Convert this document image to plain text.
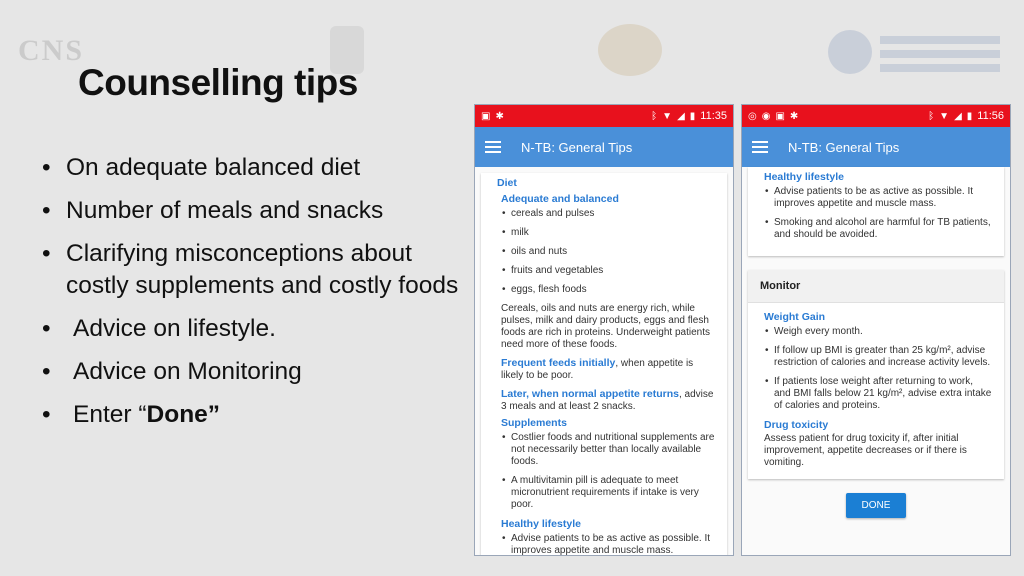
CNS
Counselling tips
• On adequate balanced diet
• Number of meals and snacks
• Clarifying misconceptions about costly supplements and costly foods
• Advice on lifestyle.
• Advice on Monitoring
• Enter “Done”
▣ ✱	ᛒ ▼ ◢ ▮ 11:35
N-TB: General Tips
Diet
Adequate and balanced
• cereals and pulses
• milk
• oils and nuts
• fruits and vegetables
• eggs, flesh foods

Cereals, oils and nuts are energy rich, while pulses, milk and dairy products, eggs and flesh foods are rich in proteins. Underweight patients need more of these foods.

Frequent feeds initially, when appetite is likely to be poor.

Later, when normal appetite returns, advise 3 meals and at least 2 snacks.

Supplements
• Costlier foods and nutritional supplements are not necessarily better than locally available foods.
• A multivitamin pill is adequate to meet micronutrient requirements if intake is very poor.
Healthy lifestyle
• Advise patients to be as active as possible. It improves appetite and muscle mass.
◎ ◉ ▣ ✱	ᛒ ▼ ◢ ▮ 11:56
N-TB: General Tips
Healthy lifestyle
• Advise patients to be as active as possible. It improves appetite and muscle mass.
• Smoking and alcohol are harmful for TB patients, and should be avoided.
Monitor
Weight Gain
• Weigh every month.
• If follow up BMI is greater than 25 kg/m², advise restriction of calories and increase activity levels.
• If patients lose weight after returning to work, and BMI falls below 21 kg/m², advise extra intake of calories and proteins.
Drug toxicity

Assess patient for drug toxicity if, after initial improvement, appetite decreases or if there is vomiting.

DONE
